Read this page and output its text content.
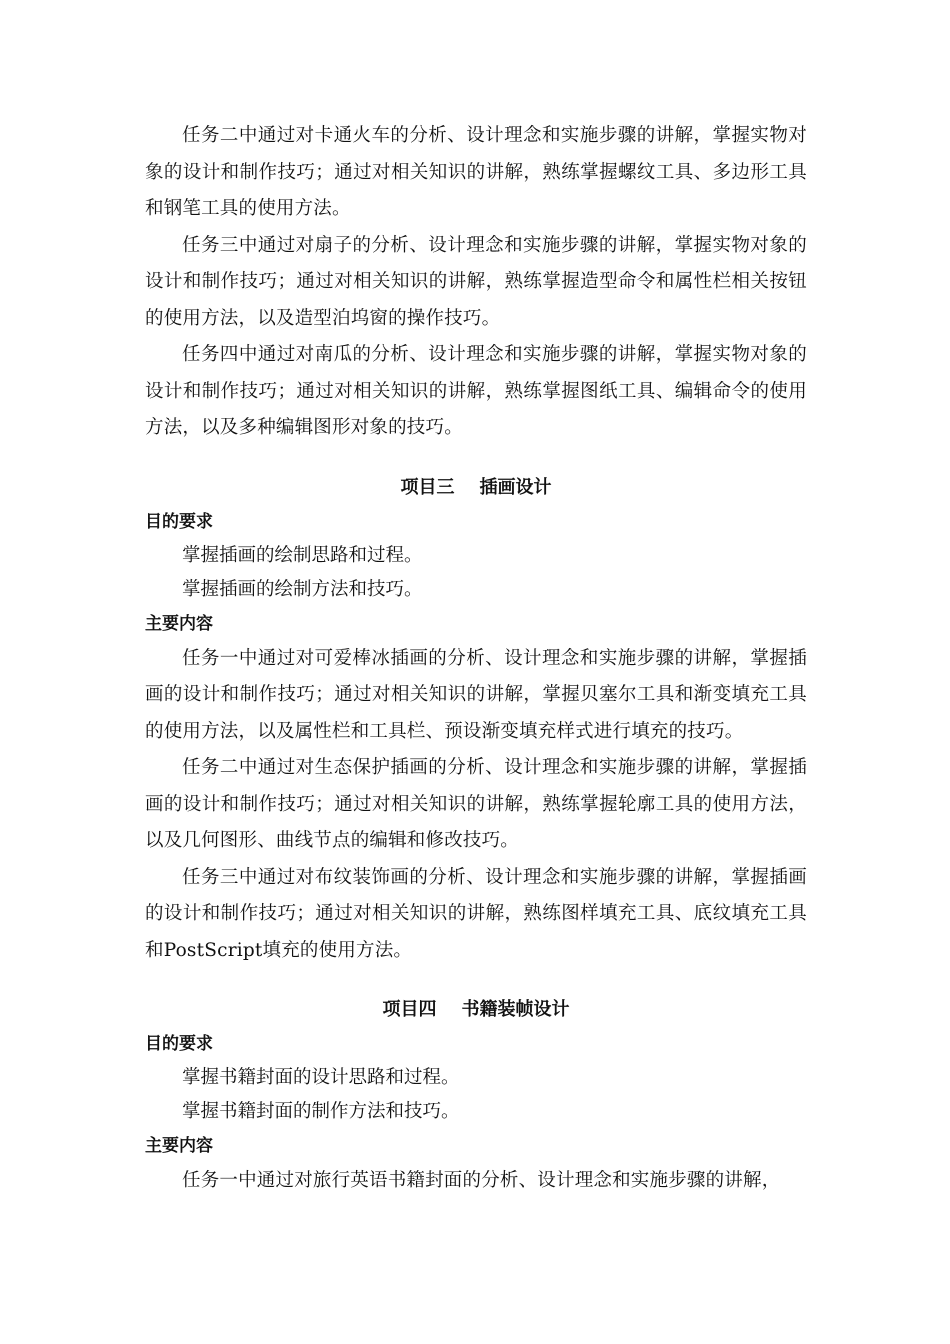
任务二中通过对卡通火车的分析、设计理念和实施步骤的讲解，掌握实物对象的设计和制作技巧；通过对相关知识的讲解，熟练掌握螺纹工具、多边形工具和钢笔工具的使用方法。

任务三中通过对扇子的分析、设计理念和实施步骤的讲解，掌握实物对象的设计和制作技巧；通过对相关知识的讲解，熟练掌握造型命令和属性栏相关按钮的使用方法，以及造型泊坞窗的操作技巧。

任务四中通过对南瓜的分析、设计理念和实施步骤的讲解，掌握实物对象的设计和制作技巧；通过对相关知识的讲解，熟练掌握图纸工具、编辑命令的使用方法，以及多种编辑图形对象的技巧。

项目三    插画设计
目的要求

掌握插画的绘制思路和过程。

掌握插画的绘制方法和技巧。

主要内容

任务一中通过对可爱棒冰插画的分析、设计理念和实施步骤的讲解，掌握插画的设计和制作技巧；通过对相关知识的讲解，掌握贝塞尔工具和渐变填充工具的使用方法，以及属性栏和工具栏、预设渐变填充样式进行填充的技巧。

任务二中通过对生态保护插画的分析、设计理念和实施步骤的讲解，掌握插画的设计和制作技巧；通过对相关知识的讲解，熟练掌握轮廓工具的使用方法，以及几何图形、曲线节点的编辑和修改技巧。

任务三中通过对布纹装饰画的分析、设计理念和实施步骤的讲解，掌握插画的设计和制作技巧；通过对相关知识的讲解，熟练图样填充工具、底纹填充工具和PostScript填充的使用方法。

项目四    书籍装帧设计
目的要求

掌握书籍封面的设计思路和过程。

掌握书籍封面的制作方法和技巧。

主要内容

任务一中通过对旅行英语书籍封面的分析、设计理念和实施步骤的讲解，
